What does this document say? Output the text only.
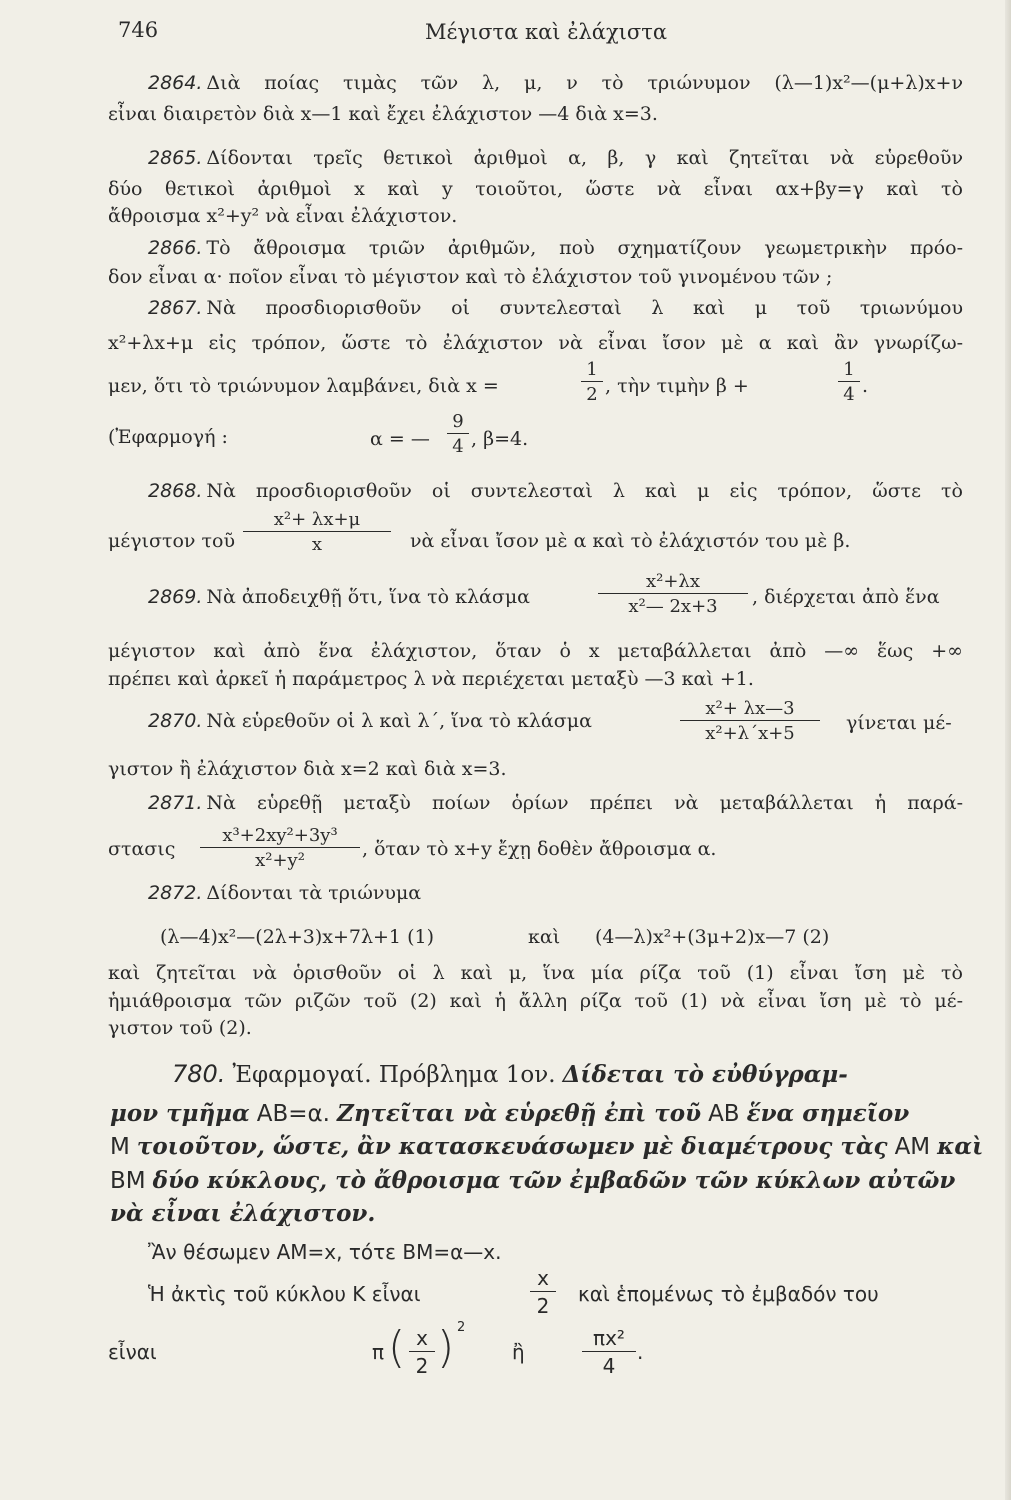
746	Μέγιστα καὶ ἐλάχιστα
2864. Διὰ ποίας τιμὰς τῶν λ, μ, ν τὸ τριώνυμον (λ—1)x²—(μ+λ)x+ν
εἶναι διαιρετὸν διὰ x—1 καὶ ἔχει ἐλάχιστον —4 διὰ x=3.
2865. Δίδονται τρεῖς θετικοὶ ἀριθμοὶ α, β, γ καὶ ζητεῖται νὰ εὑρεθοῦν
δύο θετικοὶ ἀριθμοὶ x καὶ y τοιοῦτοι, ὥστε νὰ εἶναι αx+βy=γ καὶ τὸ
ἄθροισμα x²+y² νὰ εἶναι ἐλάχιστον.
2866. Τὸ ἄθροισμα τριῶν ἀριθμῶν, ποὺ σχηματίζουν γεωμετρικὴν πρόο-
δον εἶναι α· ποῖον εἶναι τὸ μέγιστον καὶ τὸ ἐλάχιστον τοῦ γινομένου τῶν ;
2867. Νὰ προσδιορισθοῦν οἱ συντελεσταὶ λ καὶ μ τοῦ τριωνύμου
x²+λx+μ εἰς τρόπον, ὥστε τὸ ἐλάχιστον νὰ εἶναι ἴσον μὲ α καὶ ἂν γνωρίζω-
μεν, ὅτι τὸ τριώνυμον λαμβάνει, διὰ x =	$\frac{1}{2}$ , τὴν τιμὴν β +	$\frac{1}{4}$ .
(Ἐφαρμογή :	α = — $\frac{9}{4}$ , β=4.
2868. Νὰ προσδιορισθοῦν οἱ συντελεσταὶ λ καὶ μ εἰς τρόπον, ὥστε τὸ
μέγιστον τοῦ $\frac{\text{x²+ λx+μ}}{x}$ νὰ εἶναι ἴσον μὲ α καὶ τὸ ἐλάχιστόν του μὲ β.
2869. Νὰ ἀποδειχθῇ ὅτι, ἵνα τὸ κλάσμα	$\frac{\text{x²+λx}}{\text{x²— 2x+3}}$ , διέρχεται ἀπὸ ἕνα
μέγιστον καὶ ἀπὸ ἕνα ἐλάχιστον, ὅταν ὁ x μεταβάλλεται ἀπὸ —∞ ἕως +∞
πρέπει καὶ ἀρκεῖ ἡ παράμετρος λ νὰ περιέχεται μεταξὺ —3 καὶ +1.
2870. Νὰ εὑρεθοῦν οἱ λ καὶ λ΄, ἵνα τὸ κλάσμα	$\frac{\text{x²+ λx—3}}{\text{x²+λ΄x+5}}$ γίνεται μέ-
γιστον ἢ ἐλάχιστον διὰ x=2 καὶ διὰ x=3.
2871. Νὰ εὑρεθῇ μεταξὺ ποίων ὁρίων πρέπει νὰ μεταβάλλεται ἡ παρά-
στασις $\frac{\text{x³+2xy²+3y³}}{\text{x²+y²}}$ , ὅταν τὸ x+y ἔχῃ δοθὲν ἄθροισμα α.
2872. Δίδονται τὰ τριώνυμα
(λ—4)x²—(2λ+3)x+7λ+1 (1)	καὶ (4—λ)x²+(3μ+2)x—7 (2)
καὶ ζητεῖται νὰ ὁρισθοῦν οἱ λ καὶ μ, ἵνα μία ρίζα τοῦ (1) εἶναι ἴση μὲ τὸ
ἡμιάθροισμα τῶν ριζῶν τοῦ (2) καὶ ἡ ἄλλη ρίζα τοῦ (1) νὰ εἶναι ἴση μὲ τὸ μέ-
γιστον τοῦ (2).
780. Ἐφαρμογαί. Πρόβλημα 1ον. Δίδεται τὸ εὐθύγραμ-
μον τμῆμα AB=α. Ζητεῖται νὰ εὑρεθῇ ἐπὶ τοῦ AB ἕνα σημεῖον
M τοιοῦτον, ὥστε, ἂν κατασκευάσωμεν μὲ διαμέτρους τὰς AM καὶ
BM δύο κύκλους, τὸ ἄθροισμα τῶν ἐμβαδῶν τῶν κύκλων αὐτῶν
νὰ εἶναι ἐλάχιστον.
Ἂν θέσωμεν AM=x, τότε BM=α—x.
Ἡ ἀκτὶς τοῦ κύκλου K εἶναι	$\frac{x}{2}$ καὶ ἑπομένως τὸ ἐμβαδόν του
εἶναι	π ( $\frac{x}{2}$ ) 2
ἢ	$\frac{\text{πx²}}{4}$ .
